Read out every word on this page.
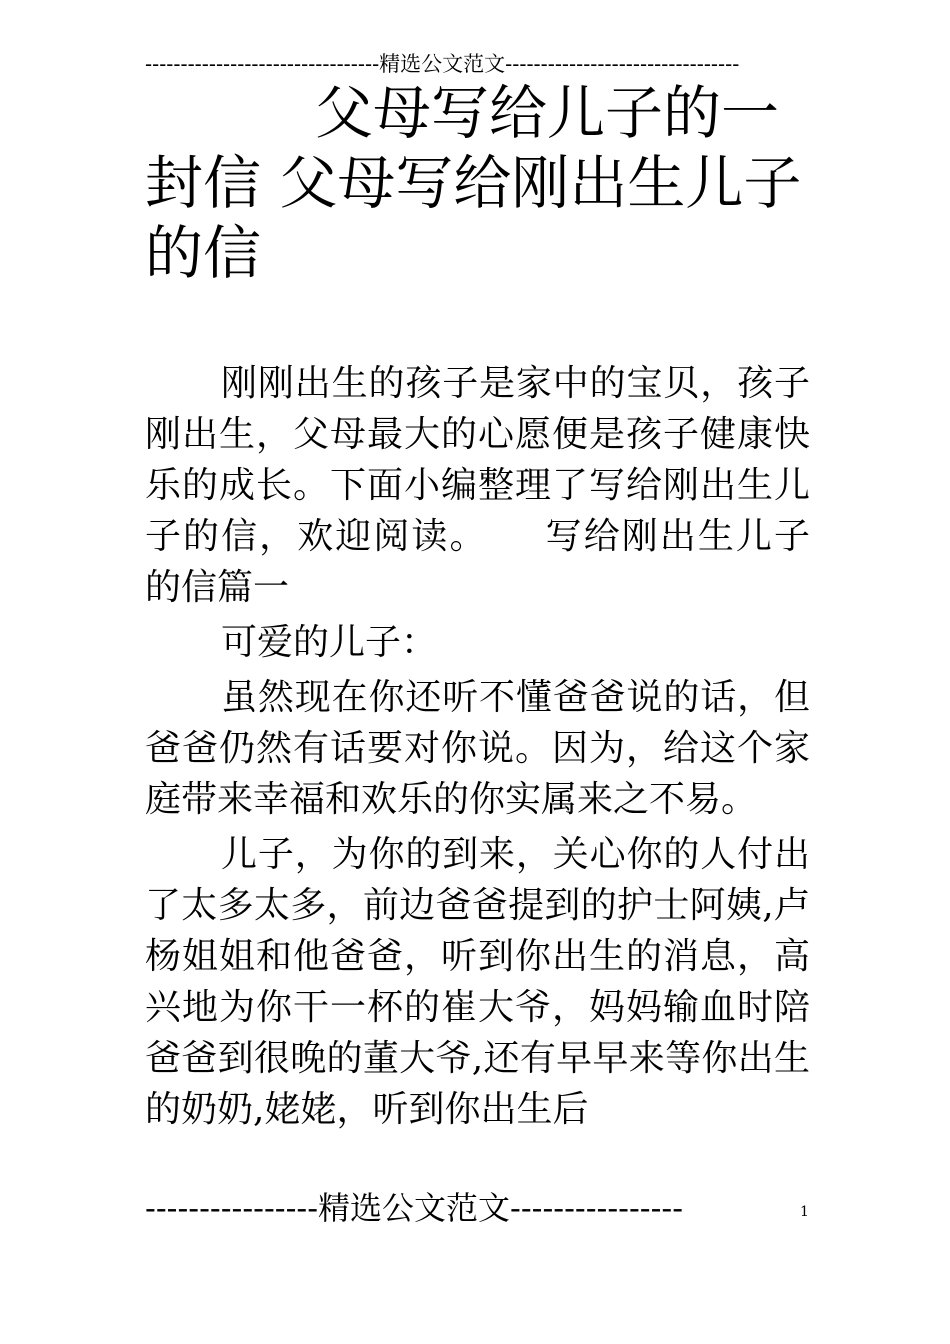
---------------------------------精选公文范文---------------------------------
父母写给儿子的一封信 父母写给刚出生儿子的信

刚刚出生的孩子是家中的宝贝，孩子刚出生，父母最大的心愿便是孩子健康快乐的成长。下面小编整理了写给刚出生儿子的信，欢迎阅读。　　写给刚出生儿子的信篇一

可爱的儿子：

虽然现在你还听不懂爸爸说的话，但爸爸仍然有话要对你说。因为，给这个家庭带来幸福和欢乐的你实属来之不易。

儿子，为你的到来，关心你的人付出了太多太多，前边爸爸提到的护士阿姨,卢杨姐姐和他爸爸，听到你出生的消息，高兴地为你干一杯的崔大爷，妈妈输血时陪爸爸到很晚的董大爷,还有早早来等你出生的奶奶,姥姥，听到你出生后

----------------精选公文范文----------------	1
